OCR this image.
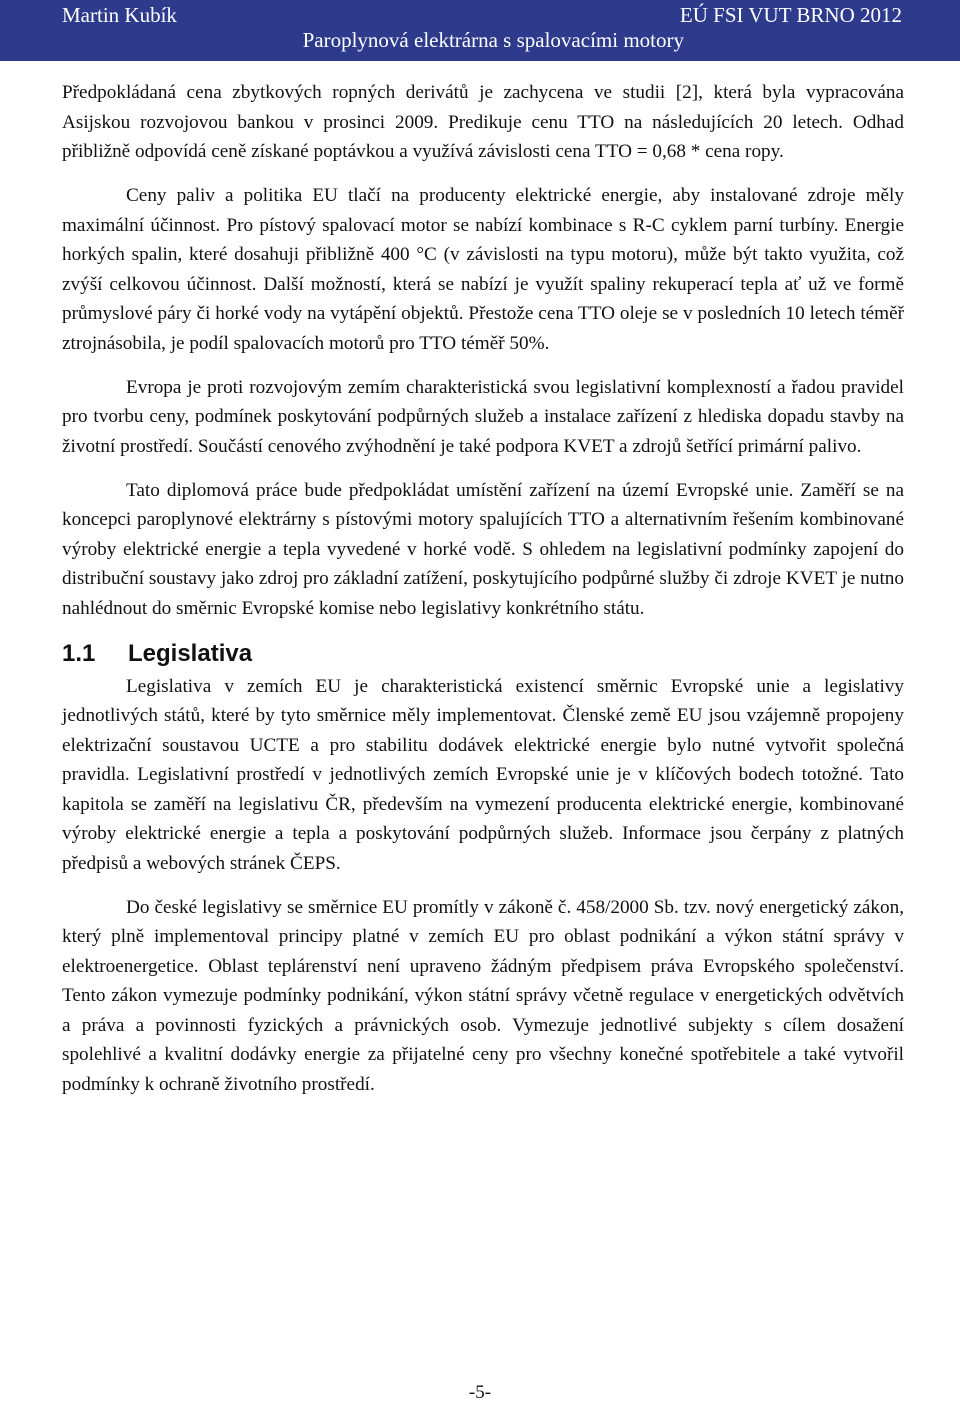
Martin Kubík	EÚ FSI VUT BRNO 2012
Paroplynová elektrárna s spalovacími motory

Předpokládaná cena zbytkových ropných derivátů je zachycena ve studii [2], která byla vypracována Asijskou rozvojovou bankou v prosinci 2009. Predikuje cenu TTO na následujících 20 letech. Odhad přibližně odpovídá ceně získané poptávkou a využívá závislosti cena TTO = 0,68 * cena ropy.

Ceny paliv a politika EU tlačí na producenty elektrické energie, aby instalované zdroje měly maximální účinnost. Pro pístový spalovací motor se nabízí kombinace s R-C cyklem parní turbíny. Energie horkých spalin, které dosahuji přibližně 400 °C (v závislosti na typu motoru), může být takto využita, což zvýší celkovou účinnost. Další možností, která se nabízí je využít spaliny rekuperací tepla ať už ve formě průmyslové páry či horké vody na vytápění objektů. Přestože cena TTO oleje se v posledních 10 letech téměř ztrojnásobila, je podíl spalovacích motorů pro TTO téměř 50%.

Evropa je proti rozvojovým zemím charakteristická svou legislativní komplexností a řadou pravidel pro tvorbu ceny, podmínek poskytování podpůrných služeb a instalace zařízení z hlediska dopadu stavby na životní prostředí. Součástí cenového zvýhodnění je také podpora KVET a zdrojů šetřící primární palivo.

Tato diplomová práce bude předpokládat umístění zařízení na území Evropské unie. Zaměří se na koncepci paroplynové elektrárny s pístovými motory spalujících TTO a alternativním řešením kombinované výroby elektrické energie a tepla vyvedené v horké vodě. S ohledem na legislativní podmínky zapojení do distribuční soustavy jako zdroj pro základní zatížení, poskytujícího podpůrné služby či zdroje KVET je nutno nahlédnout do směrnic Evropské komise nebo legislativy konkrétního státu.

1.1 Legislativa

Legislativa v zemích EU je charakteristická existencí směrnic Evropské unie a legislativy jednotlivých států, které by tyto směrnice měly implementovat. Členské země EU jsou vzájemně propojeny elektrizační soustavou UCTE a pro stabilitu dodávek elektrické energie bylo nutné vytvořit společná pravidla. Legislativní prostředí v jednotlivých zemích Evropské unie je v klíčových bodech totožné. Tato kapitola se zaměří na legislativu ČR, především na vymezení producenta elektrické energie, kombinované výroby elektrické energie a tepla a poskytování podpůrných služeb. Informace jsou čerpány z platných předpisů a webových stránek ČEPS.

Do české legislativy se směrnice EU promítly v zákoně č. 458/2000 Sb. tzv. nový energetický zákon, který plně implementoval principy platné v zemích EU pro oblast podnikání a výkon státní správy v elektroenergetice. Oblast teplárenství není upraveno žádným předpisem práva Evropského společenství. Tento zákon vymezuje podmínky podnikání, výkon státní správy včetně regulace v energetických odvětvích a práva a povinnosti fyzických a právnických osob. Vymezuje jednotlivé subjekty s cílem dosažení spolehlivé a kvalitní dodávky energie za přijatelné ceny pro všechny konečné spotřebitele a také vytvořil podmínky k ochraně životního prostředí.

-5-
